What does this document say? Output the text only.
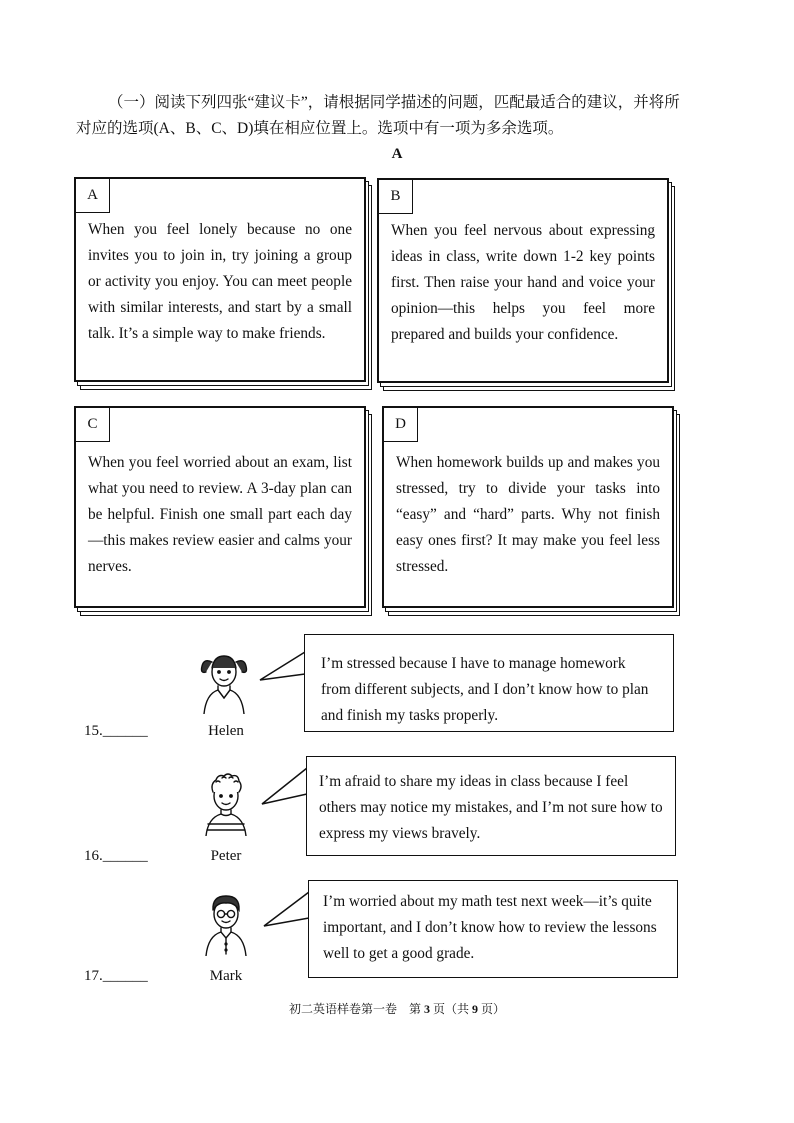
（一）阅读下列四张“建议卡”，请根据同学描述的问题，匹配最适合的建议，并将所对应的选项(A、B、C、D)填在相应位置上。选项中有一项为多余选项。

A
A
When you feel lonely because no one invites you to join in, try joining a group or activity you enjoy. You can meet people with similar interests, and start by a small talk. It’s a simple way to make friends.
B
When you feel nervous about expressing ideas in class, write down 1-2 key points first. Then raise your hand and voice your opinion—this helps you feel more prepared and builds your confidence.
C
When you feel worried about an exam, list what you need to review. A 3-day plan can be helpful. Finish one small part each day—this makes review easier and calms your nerves.
D
When homework builds up and makes you stressed, try to divide your tasks into “easy” and “hard” parts. Why not finish easy ones first? It may make you feel less stressed.
15.______	Helen
I’m stressed because I have to manage homework from different subjects, and I don’t know how to plan and finish my tasks properly.
16.______	Peter
I’m afraid to share my ideas in class because I feel others may notice my mistakes, and I’m not sure how to express my views bravely.
17.______	Mark
I’m worried about my math test next week—it’s quite important, and I don’t know how to review the lessons well to get a good grade.
初二英语样卷第一卷　第 3 页（共 9 页）
